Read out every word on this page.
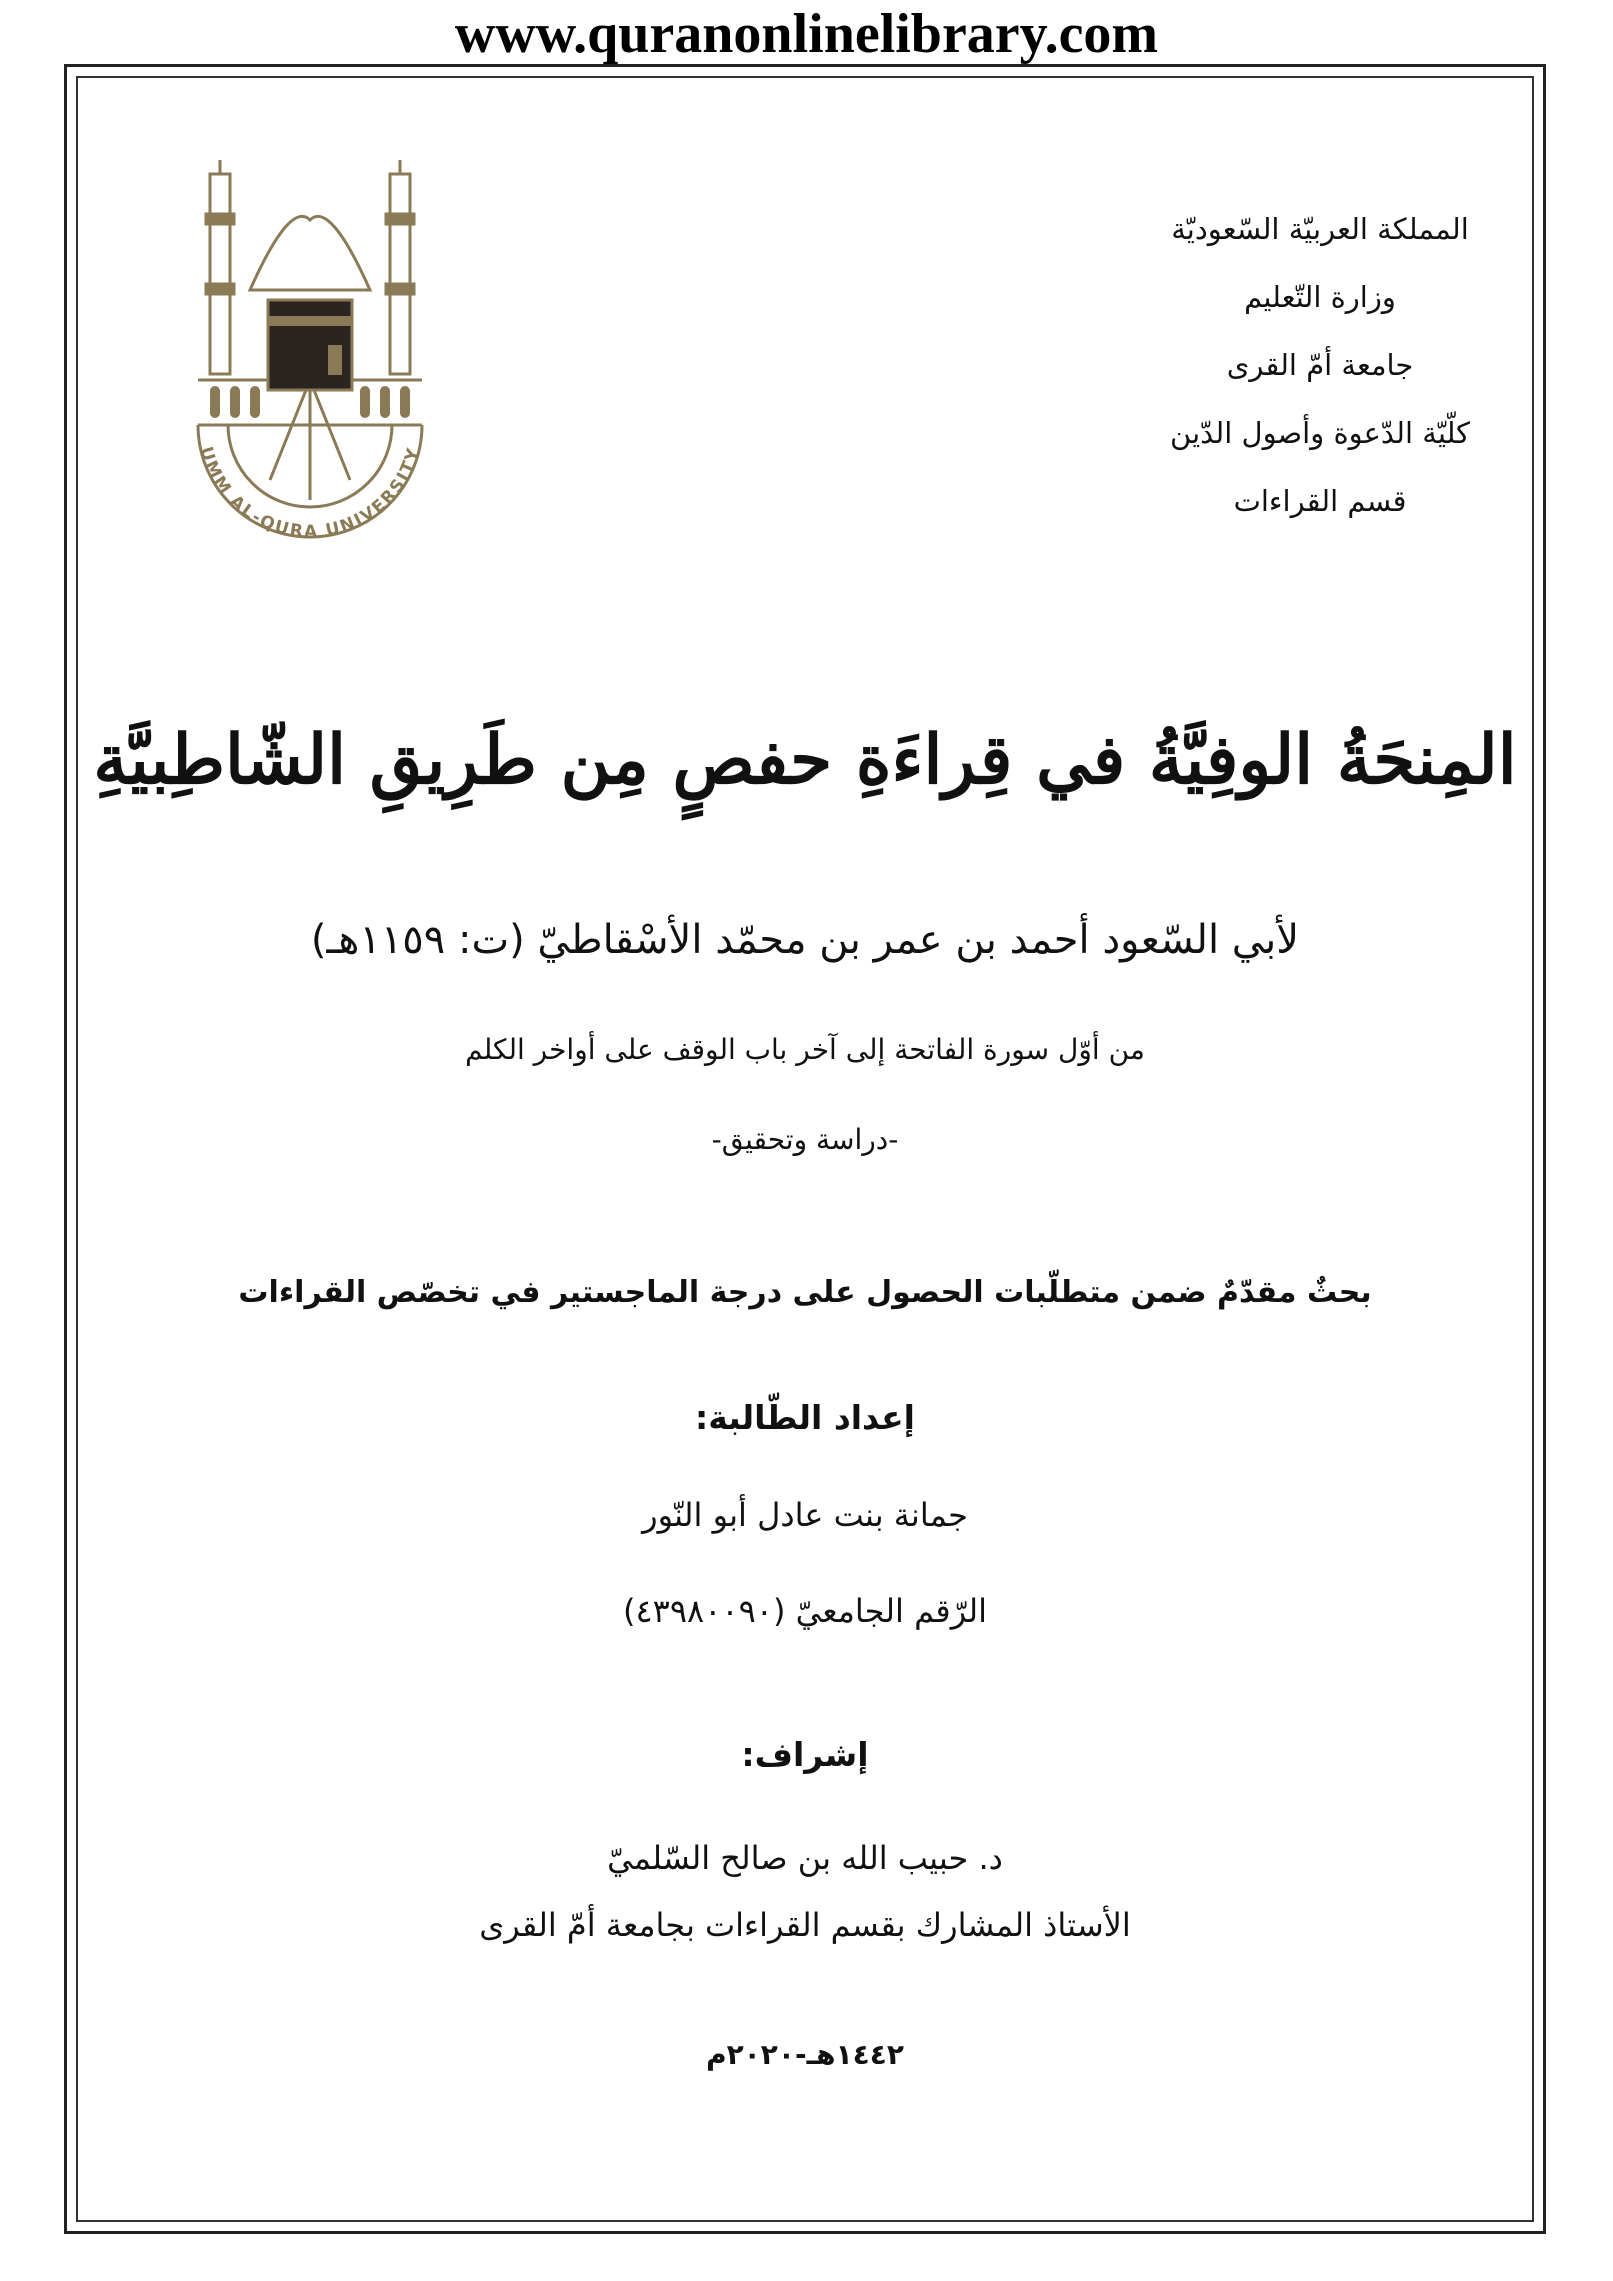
www.quranonlinelibrary.com
UMM AL-QURA UNIVERSITY
المملكة العربيّة السّعوديّة
وزارة التّعليم
جامعة أمّ القرى
كلّيّة الدّعوة وأصول الدّين
قسم القراءات
المِنحَةُ الوفِيَّةُ في قِراءَةِ حفصٍ مِن طَرِيقِ الشّاطِبيَّةِ
لأبي السّعود أحمد بن عمر بن محمّد الأسْقاطيّ (ت: ١١٥٩هـ)
من أوّل سورة الفاتحة إلى آخر باب الوقف على أواخر الكلم
-دراسة وتحقيق-
بحثٌ مقدّمٌ ضمن متطلّبات الحصول على درجة الماجستير في تخصّص القراءات
إعداد الطّالبة:
جمانة بنت عادل أبو النّور
الرّقم الجامعيّ (٤٣٩٨٠٠٩٠)
إشراف:
د. حبيب الله بن صالح السّلميّ
الأستاذ المشارك بقسم القراءات بجامعة أمّ القرى
١٤٤٢هـ-٢٠٢٠م
